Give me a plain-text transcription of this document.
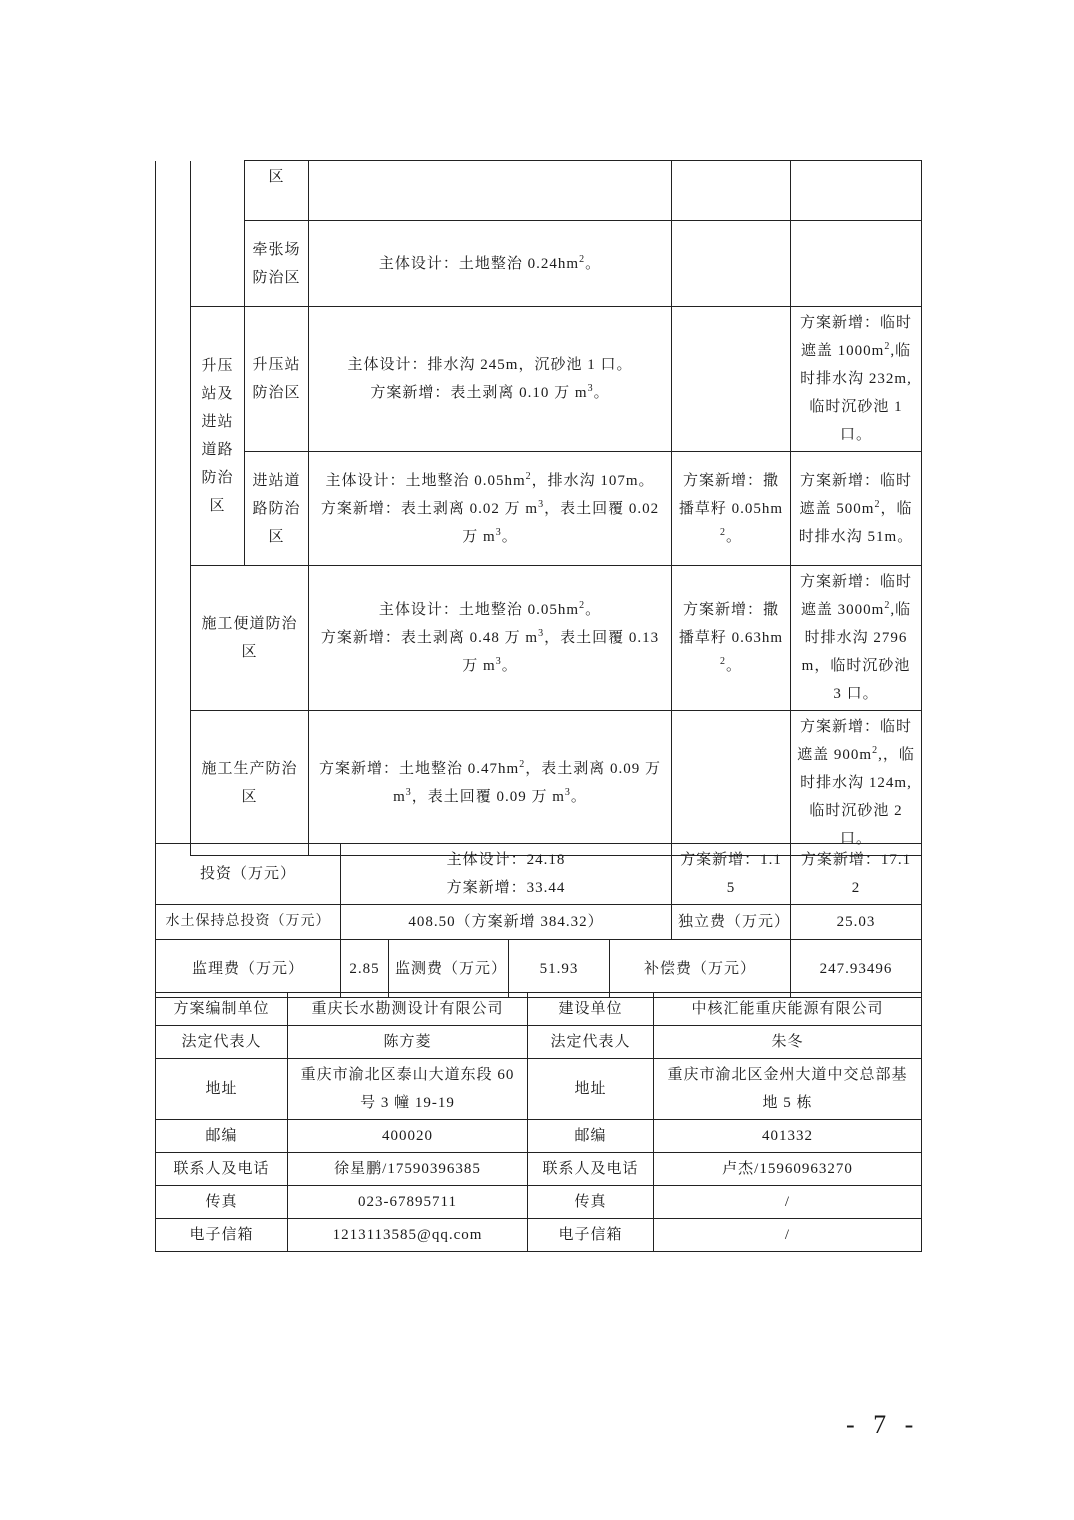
		区			
		牵张场防治区	主体设计：土地整治 $0.24hm^2$。		
	升压站及进站道路防治区	升压站防治区	主体设计：排水沟 245m，沉砂池 1 口。
方案新增：表土剥离 0.10 万 $m^3$。		方案新增：临时遮盖 $1000m^2$,临时排水沟 232m,临时沉砂池 1 口。
		进站道路防治区	主体设计：土地整治 $0.05hm^2$，排水沟 107m。
方案新增：表土剥离 0.02 万 $m^3$，表土回覆 0.02 万 $m^3$。	方案新增：撒播草籽 $0.05hm^2$。	方案新增：临时遮盖 $500m^2$，临时排水沟 51m。
	施工便道防治区		主体设计：土地整治 $0.05hm^2$。
方案新增：表土剥离 0.48 万 $m^3$，表土回覆 0.13 万 $m^3$。	方案新增：撒播草籽 $0.63hm^2$。	方案新增：临时遮盖 $3000m^2$,临时排水沟 2796m，临时沉砂池 3 口。
	施工生产防治区		方案新增：土地整治 $0.47hm^2$，表土剥离 0.09 万 $m^3$，表土回覆 0.09 万 $m^3$。		方案新增：临时遮盖 $900m^2$,，临时排水沟 124m,临时沉砂池 2 口。
投资（万元）	主体设计：24.18
方案新增：33.44				方案新增：1.15	方案新增：17.12
水土保持总投资（万元）	408.50（方案新增 384.32）				独立费（万元）	25.03
监理费（万元）	2.85	监测费（万元）	51.93	补偿费（万元）		247.93496
方案编制单位	重庆长水勘测设计有限公司	建设单位	中核汇能重庆能源有限公司
法定代表人	陈方菱	法定代表人	朱冬
地址	重庆市渝北区泰山大道东段 60 号 3 幢 19-19	地址	重庆市渝北区金州大道中交总部基地 5 栋
邮编	400020	邮编	401332
联系人及电话	徐星鹏/17590396385	联系人及电话	卢杰/15960963270
传真	023-67895711	传真	/
电子信箱	1213113585@qq.com	电子信箱	/
- 7 -
